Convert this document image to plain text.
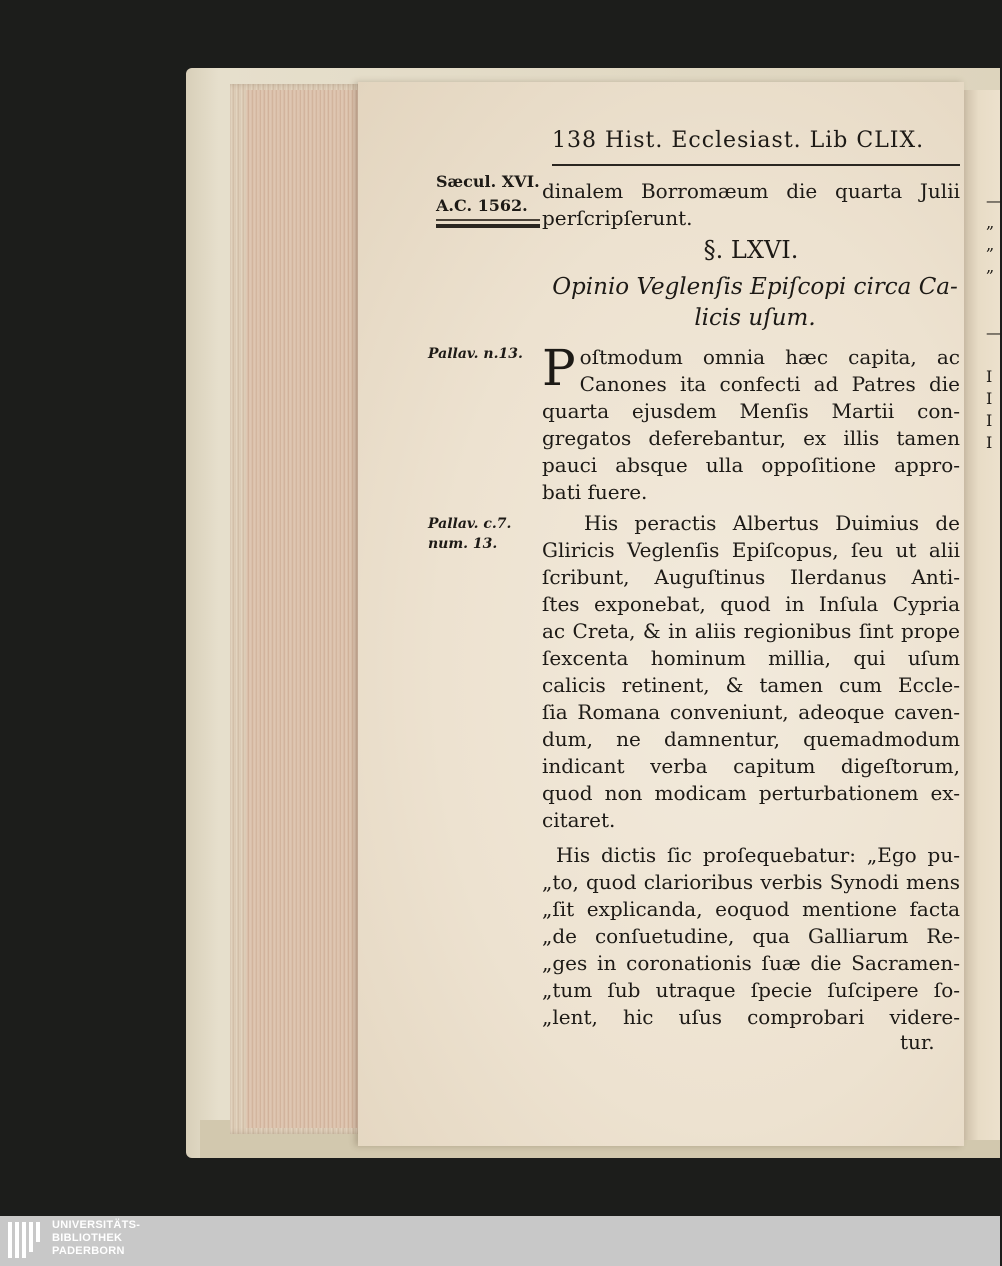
—
„
„
„

—

I
I
I
I
138 Hist. Ecclesiast. Lib CLIX.
Sæcul. XVI.
A.C. 1562.
dinalem Borromæum die quarta Julii
perſcripſerunt.
§. LXVI.
Opinio Veglenſis Epiſcopi circa Ca-
licis uſum.
Pallav. n.13. P oſtmodum omnia hæc capita, ac
Canones ita confecti ad Patres die
quarta ejusdem Menſis Martii con-
gregatos deferebantur, ex illis tamen
pauci absque ulla oppoſitione appro-
bati fuere.
Pallav. c.7.
num. 13.
His peractis Albertus Duimius de
Gliricis Veglenſis Epiſcopus, ſeu ut alii
ſcribunt, Auguſtinus Ilerdanus Anti-
ſtes exponebat, quod in Inſula Cypria
ac Creta, & in aliis regionibus ſint prope
ſexcenta hominum millia, qui uſum
calicis retinent, & tamen cum Eccle-
ſia Romana conveniunt, adeoque caven-
dum, ne damnentur, quemadmodum
indicant verba capitum digeſtorum,
quod non modicam perturbationem ex-
citaret.
His dictis ſic proſequebatur: „Ego pu-
„to, quod clarioribus verbis Synodi mens
„ſit explicanda, eoquod mentione facta
„de conſuetudine, qua Galliarum Re-
„ges in coronationis ſuæ die Sacramen-
„tum ſub utraque ſpecie ſuſcipere ſo-
„lent, hic uſus comprobari videre-
tur.
UNIVERSITÄTS-
BIBLIOTHEK
PADERBORN
